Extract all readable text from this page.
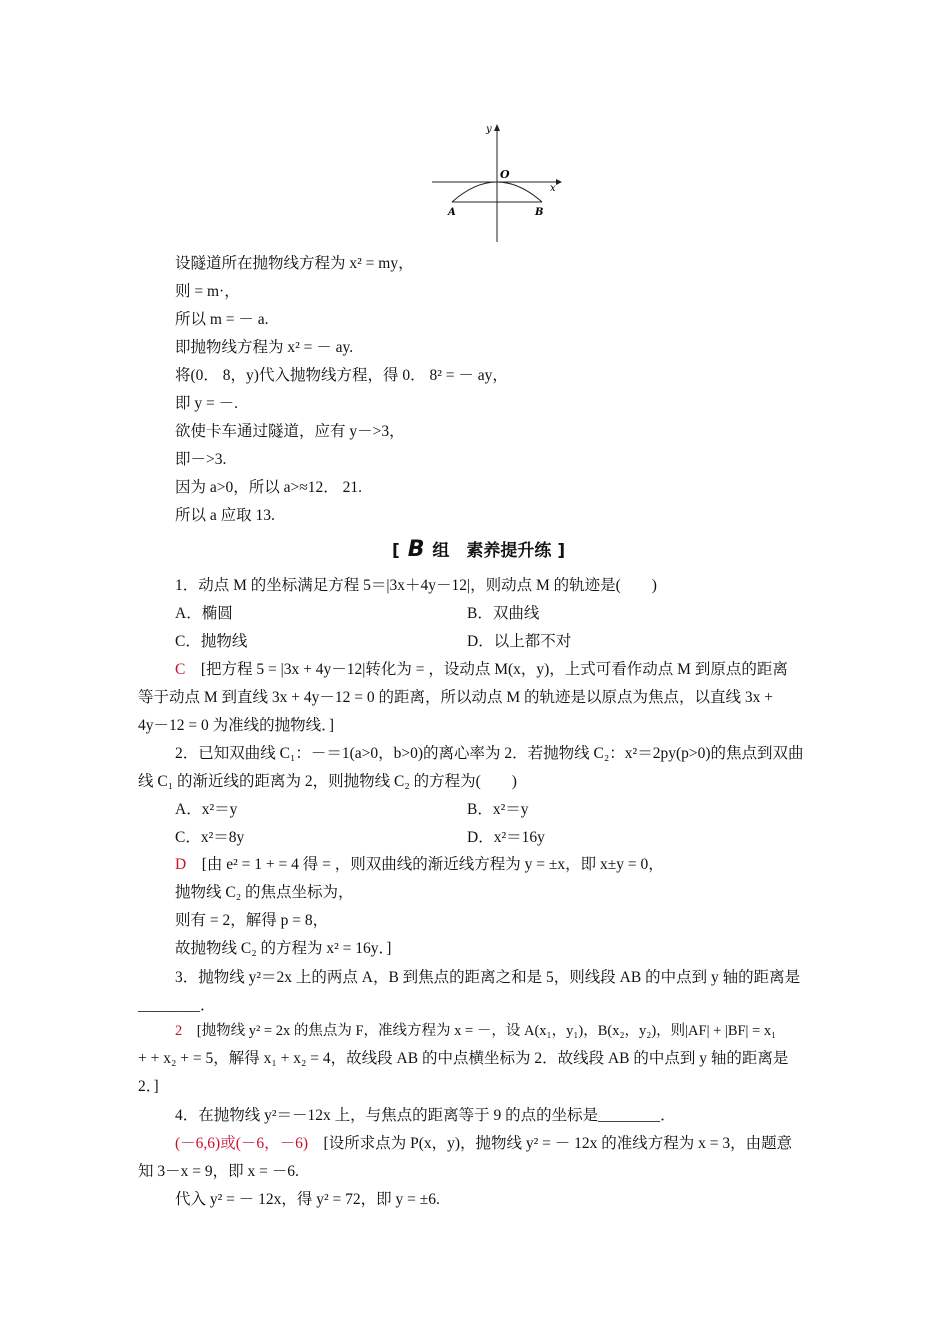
y
O
x
A	B
设隧道所在抛物线方程为 x² = my，
则 = m·，
所以 m = － a.
即抛物线方程为 x² = － ay.
将(0． 8，y)代入抛物线方程，得 0． 8² = － ay，
即 y = －.
欲使卡车通过隧道，应有 y－>3，
即－>3.
因为 a>0，所以 a>≈12． 21.
所以 a 应取 13.
[ B 组　素养提升练 ]
1．动点 M 的坐标满足方程 5＝|3x＋4y－12|，则动点 M 的轨迹是(　　)
A．椭圆	B．双曲线
C．抛物线	D．以上都不对
C　 [把方程 5 = |3x + 4y－12|转化为 = ，设动点 M(x，y)，上式可看作动点 M 到原点的距离
等于动点 M 到直线 3x + 4y－12 = 0 的距离，所以动点 M 的轨迹是以原点为焦点，以直线 3x +
4y－12 = 0 为准线的抛物线．]
2．已知双曲线 C₁：－＝1(a>0，b>0)的离心率为 2．若抛物线 C₂：x²＝2py(p>0)的焦点到双曲
线 C₁ 的渐近线的距离为 2，则抛物线 C₂ 的方程为(　　)
A．x²＝y	B．x²＝y
C．x²＝8y	D．x²＝16y
D　 [由 e² = 1 + = 4 得 = ，则双曲线的渐近线方程为 y = ±x，即 x±y = 0，
抛物线 C₂ 的焦点坐标为，
则有 = 2，解得 p = 8，
故抛物线 C₂ 的方程为 x² = 16y．]
3．抛物线 y²＝2x 上的两点 A，B 到焦点的距离之和是 5，则线段 AB 的中点到 y 轴的距离是
________．
2　 [抛物线 y² = 2x 的焦点为 F，准线方程为 x = －，设 A(x₁，y₁)，B(x₂，y₂)，则|AF| + |BF| = x₁
+ + x₂ + = 5，解得 x₁ + x₂ = 4，故线段 AB 的中点横坐标为 2．故线段 AB 的中点到 y 轴的距离是
2．]
4．在抛物线 y²＝－12x 上，与焦点的距离等于 9 的点的坐标是________．
(－6,6)或(－6，－6)　 [设所求点为 P(x，y)，抛物线 y² = － 12x 的准线方程为 x = 3，由题意
知 3－x = 9，即 x = －6.
代入 y² = － 12x，得 y² = 72，即 y = ±6.
